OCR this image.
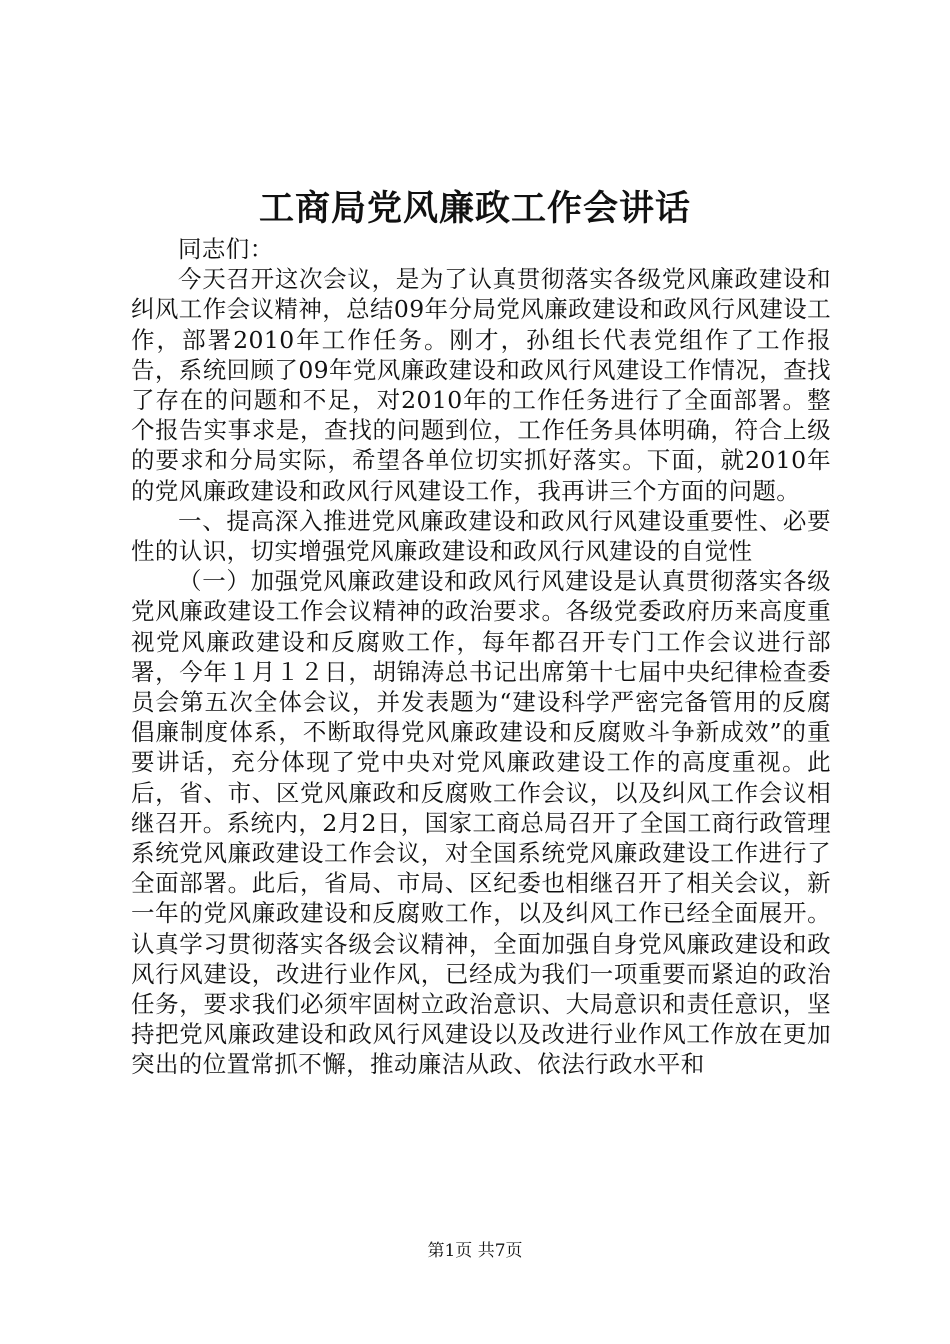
工商局党风廉政工作会讲话

同志们：

今天召开这次会议，是为了认真贯彻落实各级党风廉政建设和纠风工作会议精神，总结09年分局党风廉政建设和政风行风建设工作，部署2010年工作任务。刚才，孙组长代表党组作了工作报告，系统回顾了09年党风廉政建设和政风行风建设工作情况，查找了存在的问题和不足，对2010年的工作任务进行了全面部署。整个报告实事求是，查找的问题到位，工作任务具体明确，符合上级的要求和分局实际，希望各单位切实抓好落实。下面，就2010年的党风廉政建设和政风行风建设工作，我再讲三个方面的问题。

一、提高深入推进党风廉政建设和政风行风建设重要性、必要性的认识，切实增强党风廉政建设和政风行风建设的自觉性

（一）加强党风廉政建设和政风行风建设是认真贯彻落实各级党风廉政建设工作会议精神的政治要求。各级党委政府历来高度重视党风廉政建设和反腐败工作，每年都召开专门工作会议进行部署，今年１月１２日，胡锦涛总书记出席第十七届中央纪律检查委员会第五次全体会议，并发表题为“建设科学严密完备管用的反腐倡廉制度体系，不断取得党风廉政建设和反腐败斗争新成效”的重要讲话，充分体现了党中央对党风廉政建设工作的高度重视。此后，省、市、区党风廉政和反腐败工作会议，以及纠风工作会议相继召开。系统内，2月2日，国家工商总局召开了全国工商行政管理系统党风廉政建设工作会议，对全国系统党风廉政建设工作进行了全面部署。此后，省局、市局、区纪委也相继召开了相关会议，新一年的党风廉政建设和反腐败工作，以及纠风工作已经全面展开。认真学习贯彻落实各级会议精神，全面加强自身党风廉政建设和政风行风建设，改进行业作风，已经成为我们一项重要而紧迫的政治任务，要求我们必须牢固树立政治意识、大局意识和责任意识，坚持把党风廉政建设和政风行风建设以及改进行业作风工作放在更加突出的位置常抓不懈，推动廉洁从政、依法行政水平和

第1页 共7页
